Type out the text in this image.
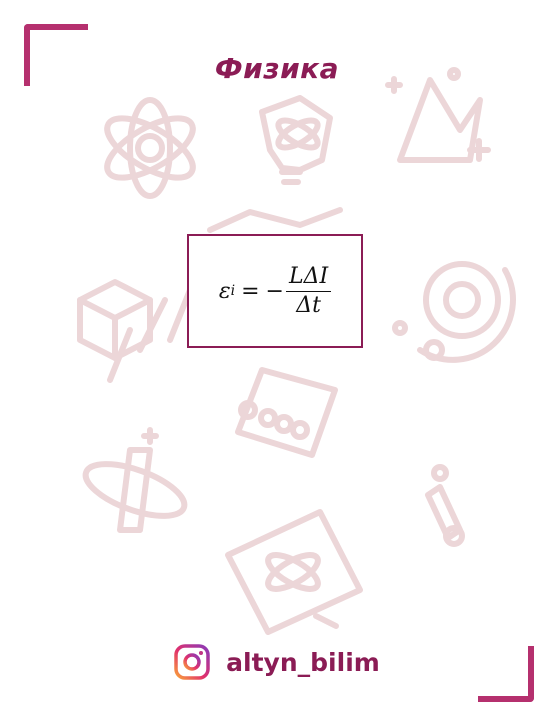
Физика
ε i = − $\frac{\text{LΔI}}{\Delta t}$
altyn_bilim
